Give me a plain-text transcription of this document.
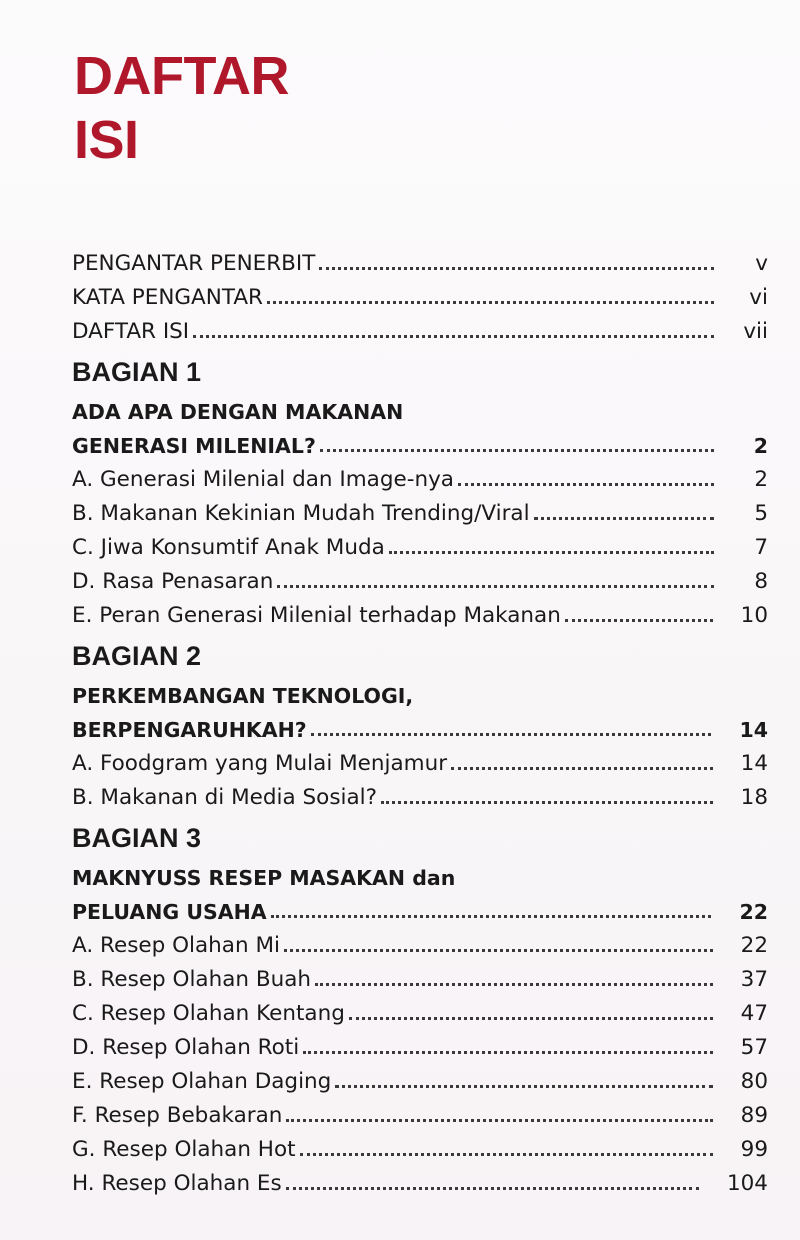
DAFTAR
ISI
PENGANTAR PENERBIT	v
KATA PENGANTAR	vi
DAFTAR ISI	vii
BAGIAN 1
ADA APA DENGAN MAKANAN
GENERASI MILENIAL?	2
A. Generasi Milenial dan Image-nya	2
B. Makanan Kekinian Mudah Trending/Viral	5
C. Jiwa Konsumtif Anak Muda	7
D. Rasa Penasaran	8
E. Peran Generasi Milenial terhadap Makanan	10
BAGIAN 2
PERKEMBANGAN TEKNOLOGI,
BERPENGARUHKAH?	14
A. Foodgram yang Mulai Menjamur	14
B. Makanan di Media Sosial?	18
BAGIAN 3
MAKNYUSS RESEP MASAKAN dan
PELUANG USAHA	22
A. Resep Olahan Mi	22
B. Resep Olahan Buah	37
C. Resep Olahan Kentang	47
D. Resep Olahan Roti	57
E. Resep Olahan Daging	80
F. Resep Bebakaran	89
G. Resep Olahan Hot	99
H. Resep Olahan Es	104
